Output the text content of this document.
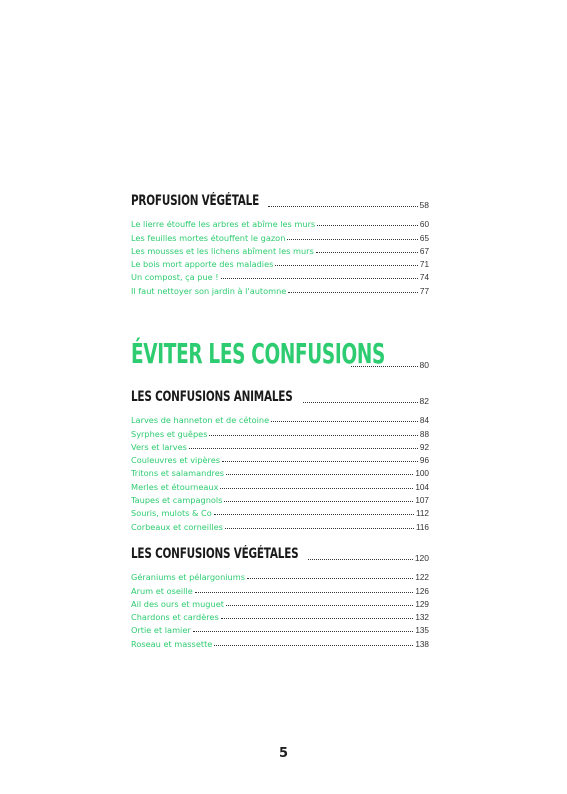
PROFUSION VÉGÉTALE	58
Le lierre étouffe les arbres et abîme les murs	60
Les feuilles mortes étouffent le gazon	65
Les mousses et les lichens abîment les murs	67
Le bois mort apporte des maladies	71
Un compost, ça pue !	74
Il faut nettoyer son jardin à l'automne	77
ÉVITER LES CONFUSIONS	80
LES CONFUSIONS ANIMALES	82
Larves de hanneton et de cétoine	84
Syrphes et guêpes	88
Vers et larves	92
Couleuvres et vipères	96
Tritons et salamandres	100
Merles et étourneaux	104
Taupes et campagnols	107
Souris, mulots & Co	112
Corbeaux et corneilles	116
LES CONFUSIONS VÉGÉTALES	120
Géraniums et pélargoniums	122
Arum et oseille	126
Ail des ours et muguet	129
Chardons et cardères	132
Ortie et lamier	135
Roseau et massette	138
5
